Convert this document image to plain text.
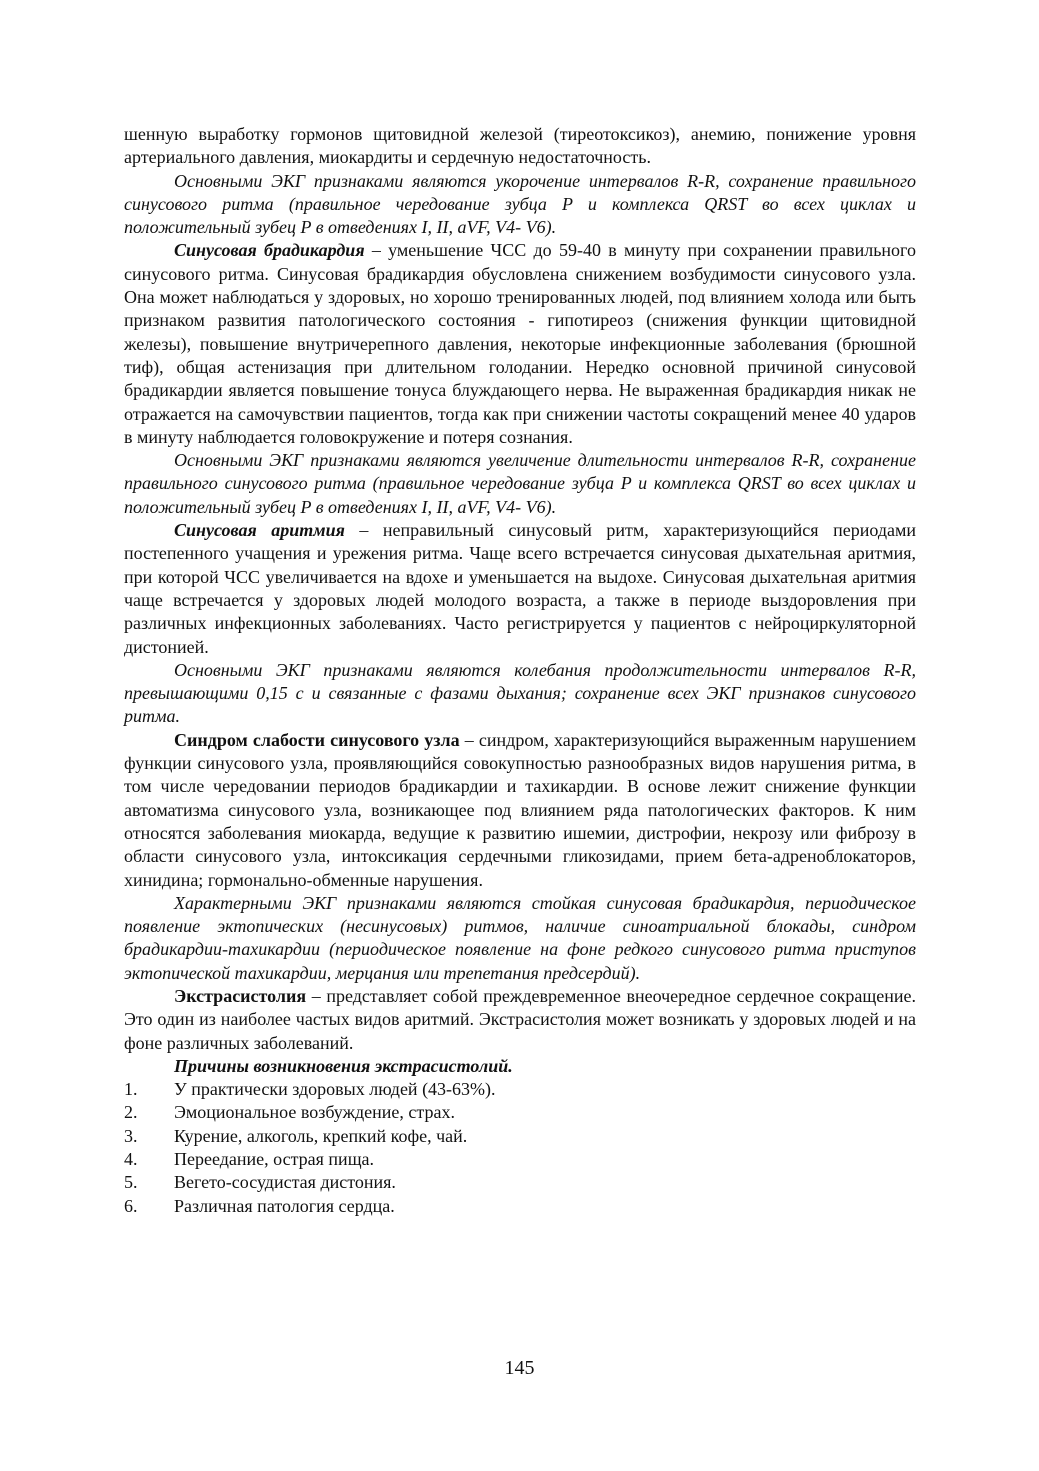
шенную выработку гормонов щитовидной железой (тиреотоксикоз), анемию, понижение уровня артериального давления, миокардиты и сердечную недостаточность.

Основными ЭКГ признаками являются укорочение интервалов R-R, сохранение правильного синусового ритма (правильное чередование зубца P и комплекса QRST во всех циклах и положительный зубец P в отведениях I, II, aVF, V4- V6).

Синусовая брадикардия – уменьшение ЧСС до 59-40 в минуту при сохранении правильного синусового ритма. Синусовая брадикардия обусловлена снижением возбудимости синусового узла. Она может наблюдаться у здоровых, но хорошо тренированных людей, под влиянием холода или быть признаком развития патологического состояния - гипотиреоз (снижения функции щитовидной железы), повышение внутричерепного давления, некоторые инфекционные заболевания (брюшной тиф), общая астенизация при длительном голодании. Нередко основной причиной синусовой брадикардии является повышение тонуса блуждающего нерва. Не выраженная брадикардия никак не отражается на самочувствии пациентов, тогда как при снижении частоты сокращений менее 40 ударов в минуту наблюдается головокружение и потеря сознания.

Основными ЭКГ признаками являются увеличение длительности интервалов R-R, сохранение правильного синусового ритма (правильное чередование зубца P и комплекса QRST во всех циклах и положительный зубец P в отведениях I, II, aVF, V4- V6).

Синусовая аритмия – неправильный синусовый ритм, характеризующийся периодами постепенного учащения и урежения ритма. Чаще всего встречается синусовая дыхательная аритмия, при которой ЧСС увеличивается на вдохе и уменьшается на выдохе. Синусовая дыхательная аритмия чаще встречается у здоровых людей молодого возраста, а также в периоде выздоровления при различных инфекционных заболеваниях. Часто регистрируется у пациентов с нейроциркуляторной дистонией.

Основными ЭКГ признаками являются колебания продолжительности интервалов R-R, превышающими 0,15 с и связанные с фазами дыхания; сохранение всех ЭКГ признаков синусового ритма.

Синдром слабости синусового узла – синдром, характеризующийся выраженным нарушением функции синусового узла, проявляющийся совокупностью разнообразных видов нарушения ритма, в том числе чередовании периодов брадикардии и тахикардии. В основе лежит снижение функции автоматизма синусового узла, возникающее под влиянием ряда патологических факторов. К ним относятся заболевания миокарда, ведущие к развитию ишемии, дистрофии, некрозу или фиброзу в области синусового узла, интоксикация сердечными гликозидами, прием бета-адреноблокаторов, хинидина; гормонально-обменные нарушения.

Характерными ЭКГ признаками являются стойкая синусовая брадикардия, периодическое появление эктопических (несинусовых) ритмов, наличие синоатриальной блокады, синдром брадикардии-тахикардии (периодическое появление на фоне редкого синусового ритма приступов эктопической тахикардии, мерцания или трепетания предсердий).

Экстрасистолия – представляет собой преждевременное внеочередное сердечное сокращение. Это один из наиболее частых видов аритмий. Экстрасистолия может возникать у здоровых людей и на фоне различных заболеваний.

Причины возникновения экстрасистолий.

1.	У практически здоровых людей (43-63%).
2.	Эмоциональное возбуждение, страх.
3.	Курение, алкоголь, крепкий кофе, чай.
4.	Переедание, острая пища.
5.	Вегето-сосудистая дистония.
6.	Различная патология сердца.
145
